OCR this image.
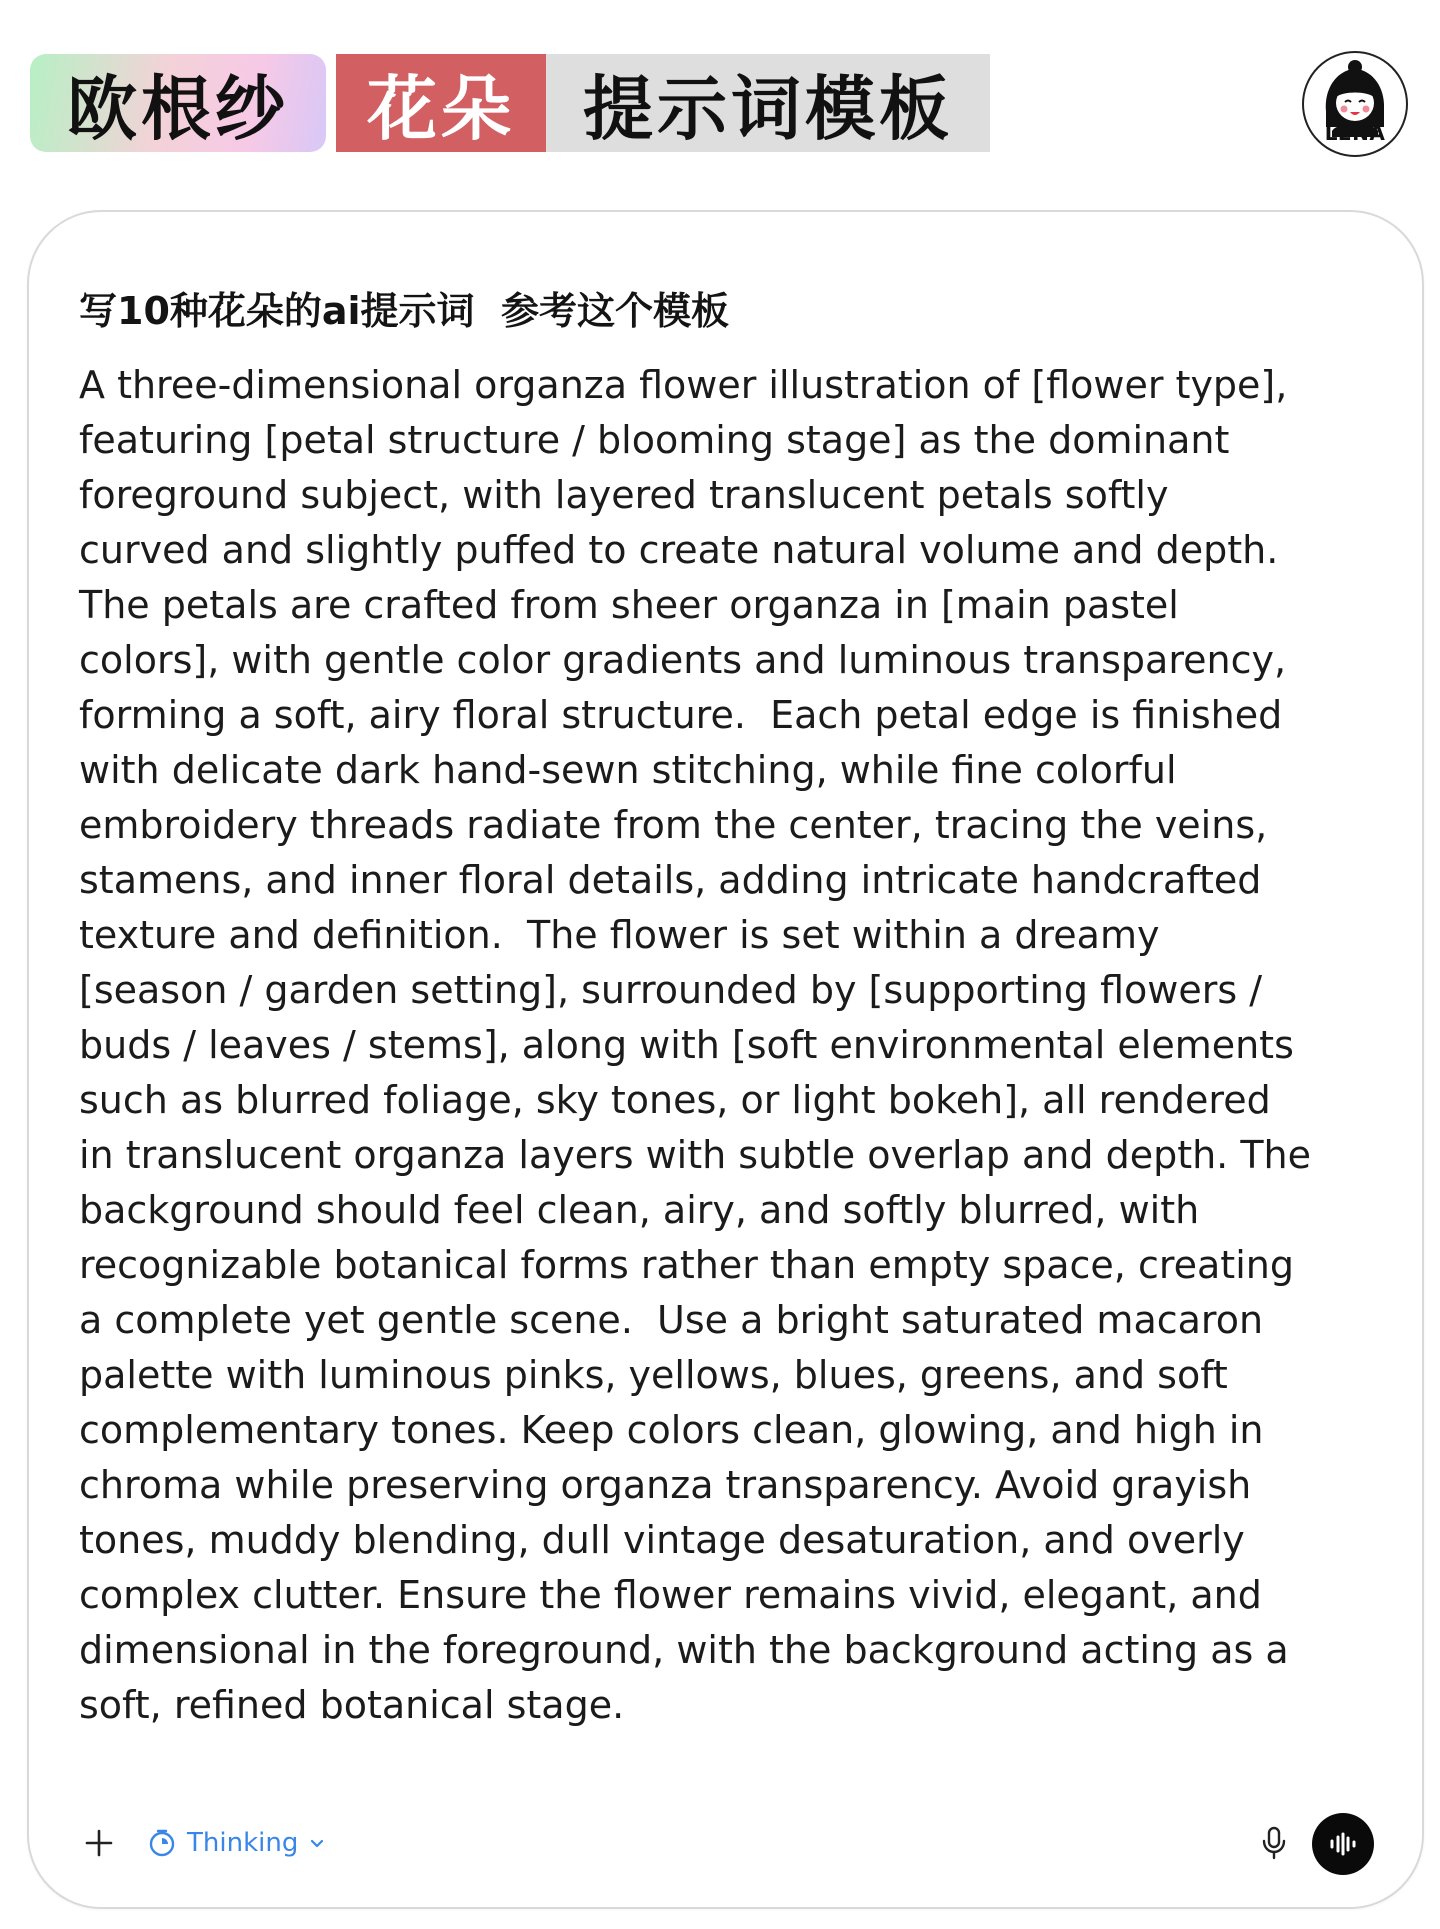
欧根纱	花朵 提示词模板	LENA
写10种花朵的ai提示词  参考这个模板
A three-dimensional organza flower illustration of [flower type],
featuring [petal structure / blooming stage] as the dominant
foreground subject, with layered translucent petals softly
curved and slightly puffed to create natural volume and depth.
The petals are crafted from sheer organza in [main pastel
colors], with gentle color gradients and luminous transparency,
forming a soft, airy floral structure.  Each petal edge is finished
with delicate dark hand-sewn stitching, while fine colorful
embroidery threads radiate from the center, tracing the veins,
stamens, and inner floral details, adding intricate handcrafted
texture and definition.  The flower is set within a dreamy
[season / garden setting], surrounded by [supporting flowers /
buds / leaves / stems], along with [soft environmental elements
such as blurred foliage, sky tones, or light bokeh], all rendered
in translucent organza layers with subtle overlap and depth. The
background should feel clean, airy, and softly blurred, with
recognizable botanical forms rather than empty space, creating
a complete yet gentle scene.  Use a bright saturated macaron
palette with luminous pinks, yellows, blues, greens, and soft
complementary tones. Keep colors clean, glowing, and high in
chroma while preserving organza transparency. Avoid grayish
tones, muddy blending, dull vintage desaturation, and overly
complex clutter. Ensure the flower remains vivid, elegant, and
dimensional in the foreground, with the background acting as a
soft, refined botanical stage.
Thinking
